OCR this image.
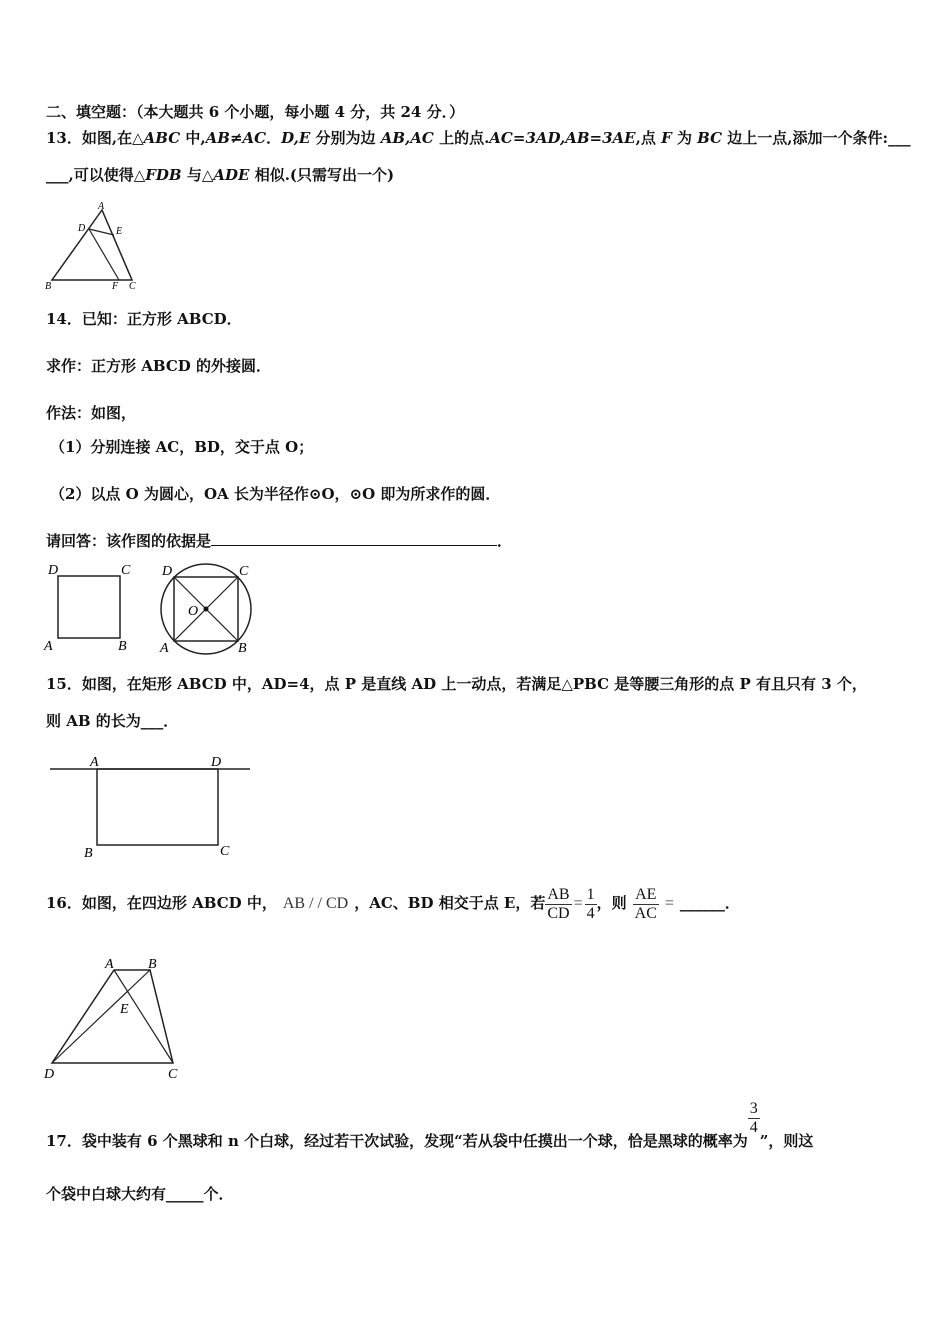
二、填空题：（本大题共 6 个小题，每小题 4 分，共 24 分．）
13．如图,在△ABC 中,AB≠AC．D,E 分别为边 AB,AC 上的点.AC=3AD,AB=3AE,点 F 为 BC 边上一点,添加一个条件:___
___,可以使得△FDB 与△ADE 相似.(只需写出一个)
A
D	E
B	F C
14．已知：正方形 ABCD．
求作：正方形 ABCD 的外接圆．
作法：如图，
（1）分别连接 AC，BD，交于点 O；
（2）以点 O 为圆心，OA 长为半径作⊙O，⊙O 即为所求作的圆．
请回答：该作图的依据是	．
D	C
A	B
D	C
O
A	B
15．如图，在矩形 ABCD 中，AD=4，点 P 是直线 AD 上一动点，若满足△PBC 是等腰三角形的点 P 有且只有 3 个，
则 AB 的长为___．
A	D
B	C
16．如图，在四边形 ABCD 中， AB / / CD ，AC、BD 相交于点 E，若 $\frac{AB}{CD} = \frac{1}{4}$ ，则 $\frac{AE}{AC}$ = ______．
A B
E
D	C
17．袋中装有 6 个黑球和 n 个白球，经过若干次试验，发现“若从袋中任摸出一个球，恰是黑球的概率为
$\frac{3}{4}$
”，则这
个袋中白球大约有_____个．
